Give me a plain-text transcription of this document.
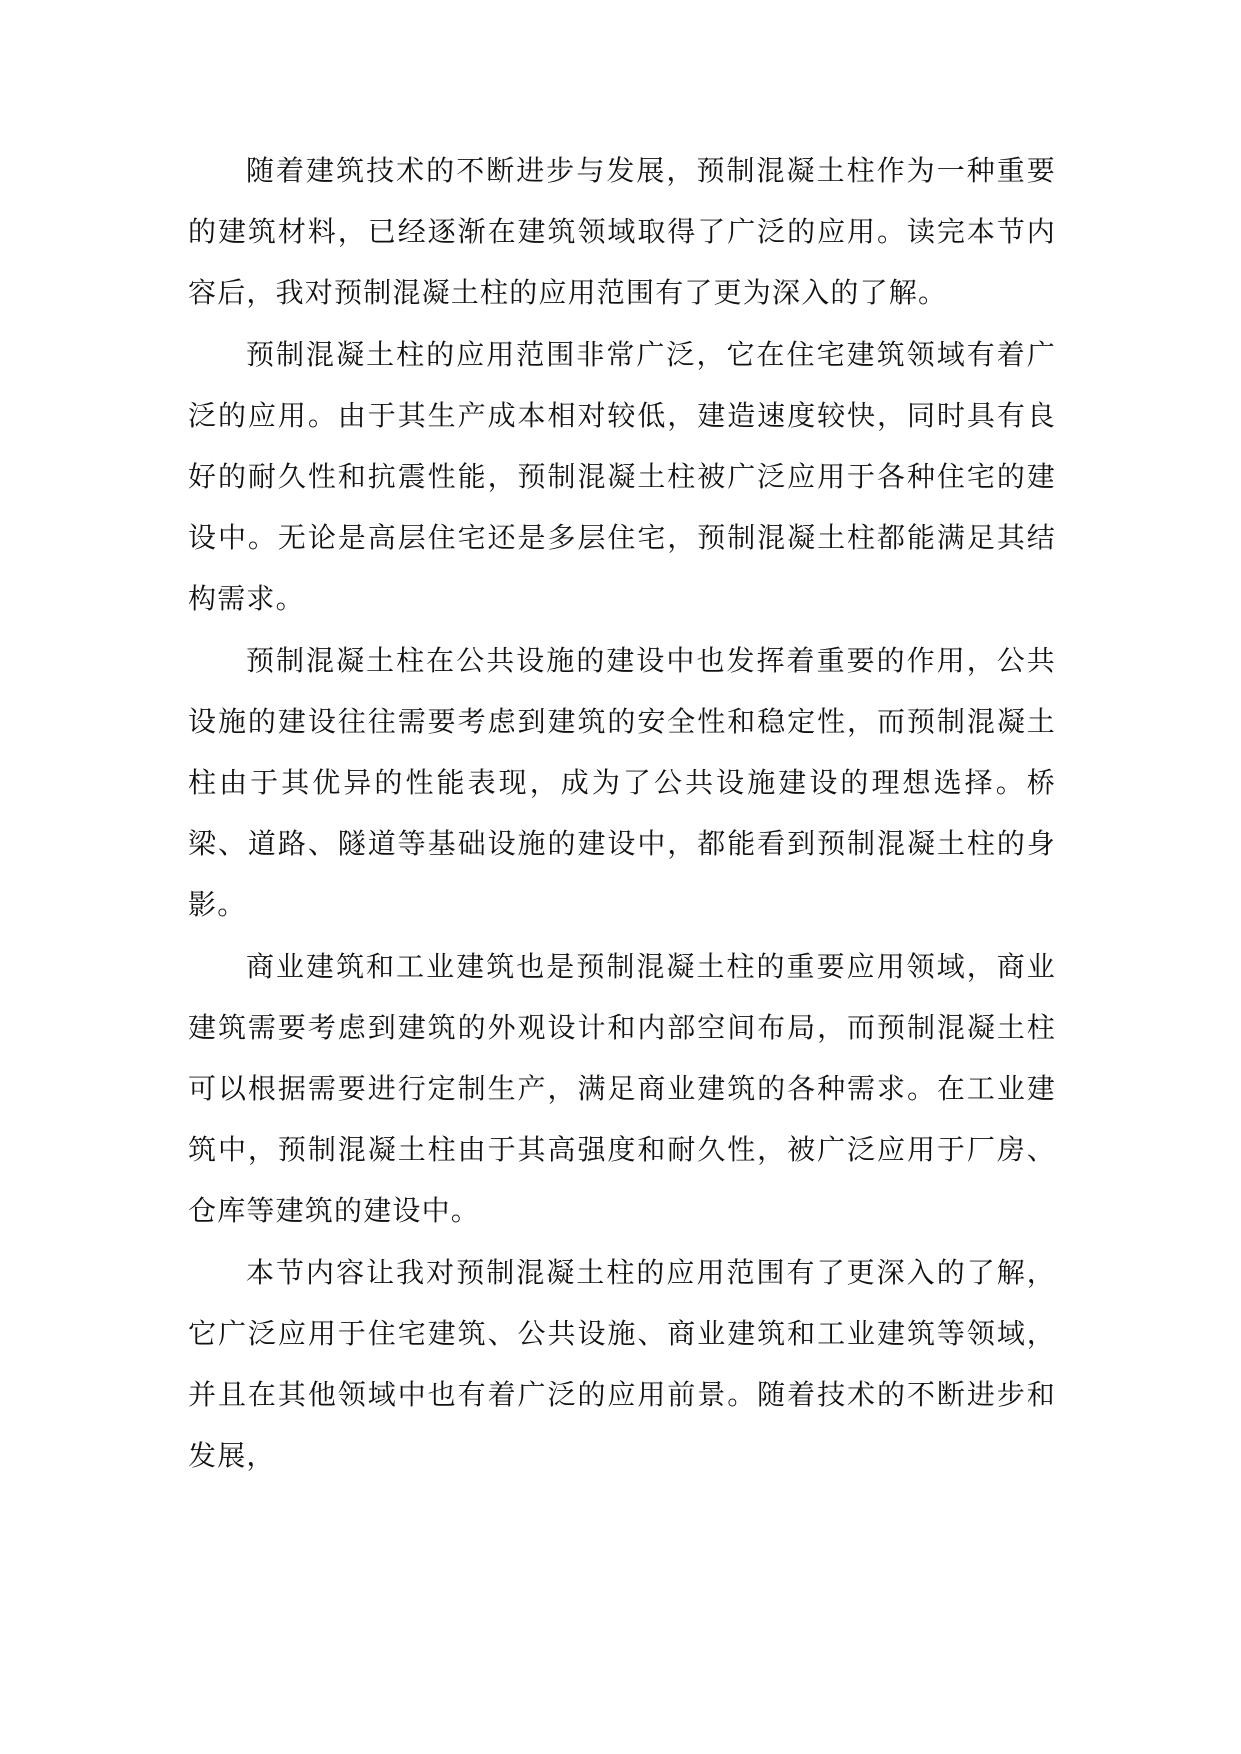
随着建筑技术的不断进步与发展，预制混凝土柱作为一种重要的建筑材料，已经逐渐在建筑领域取得了广泛的应用。读完本节内容后，我对预制混凝土柱的应用范围有了更为深入的了解。

预制混凝土柱的应用范围非常广泛，它在住宅建筑领域有着广泛的应用。由于其生产成本相对较低，建造速度较快，同时具有良好的耐久性和抗震性能，预制混凝土柱被广泛应用于各种住宅的建设中。无论是高层住宅还是多层住宅，预制混凝土柱都能满足其结构需求。

预制混凝土柱在公共设施的建设中也发挥着重要的作用，公共设施的建设往往需要考虑到建筑的安全性和稳定性，而预制混凝土柱由于其优异的性能表现，成为了公共设施建设的理想选择。桥梁、道路、隧道等基础设施的建设中，都能看到预制混凝土柱的身影。

商业建筑和工业建筑也是预制混凝土柱的重要应用领域，商业建筑需要考虑到建筑的外观设计和内部空间布局，而预制混凝土柱可以根据需要进行定制生产，满足商业建筑的各种需求。在工业建筑中，预制混凝土柱由于其高强度和耐久性，被广泛应用于厂房、仓库等建筑的建设中。

本节内容让我对预制混凝土柱的应用范围有了更深入的了解，它广泛应用于住宅建筑、公共设施、商业建筑和工业建筑等领域，并且在其他领域中也有着广泛的应用前景。随着技术的不断进步和发展，
